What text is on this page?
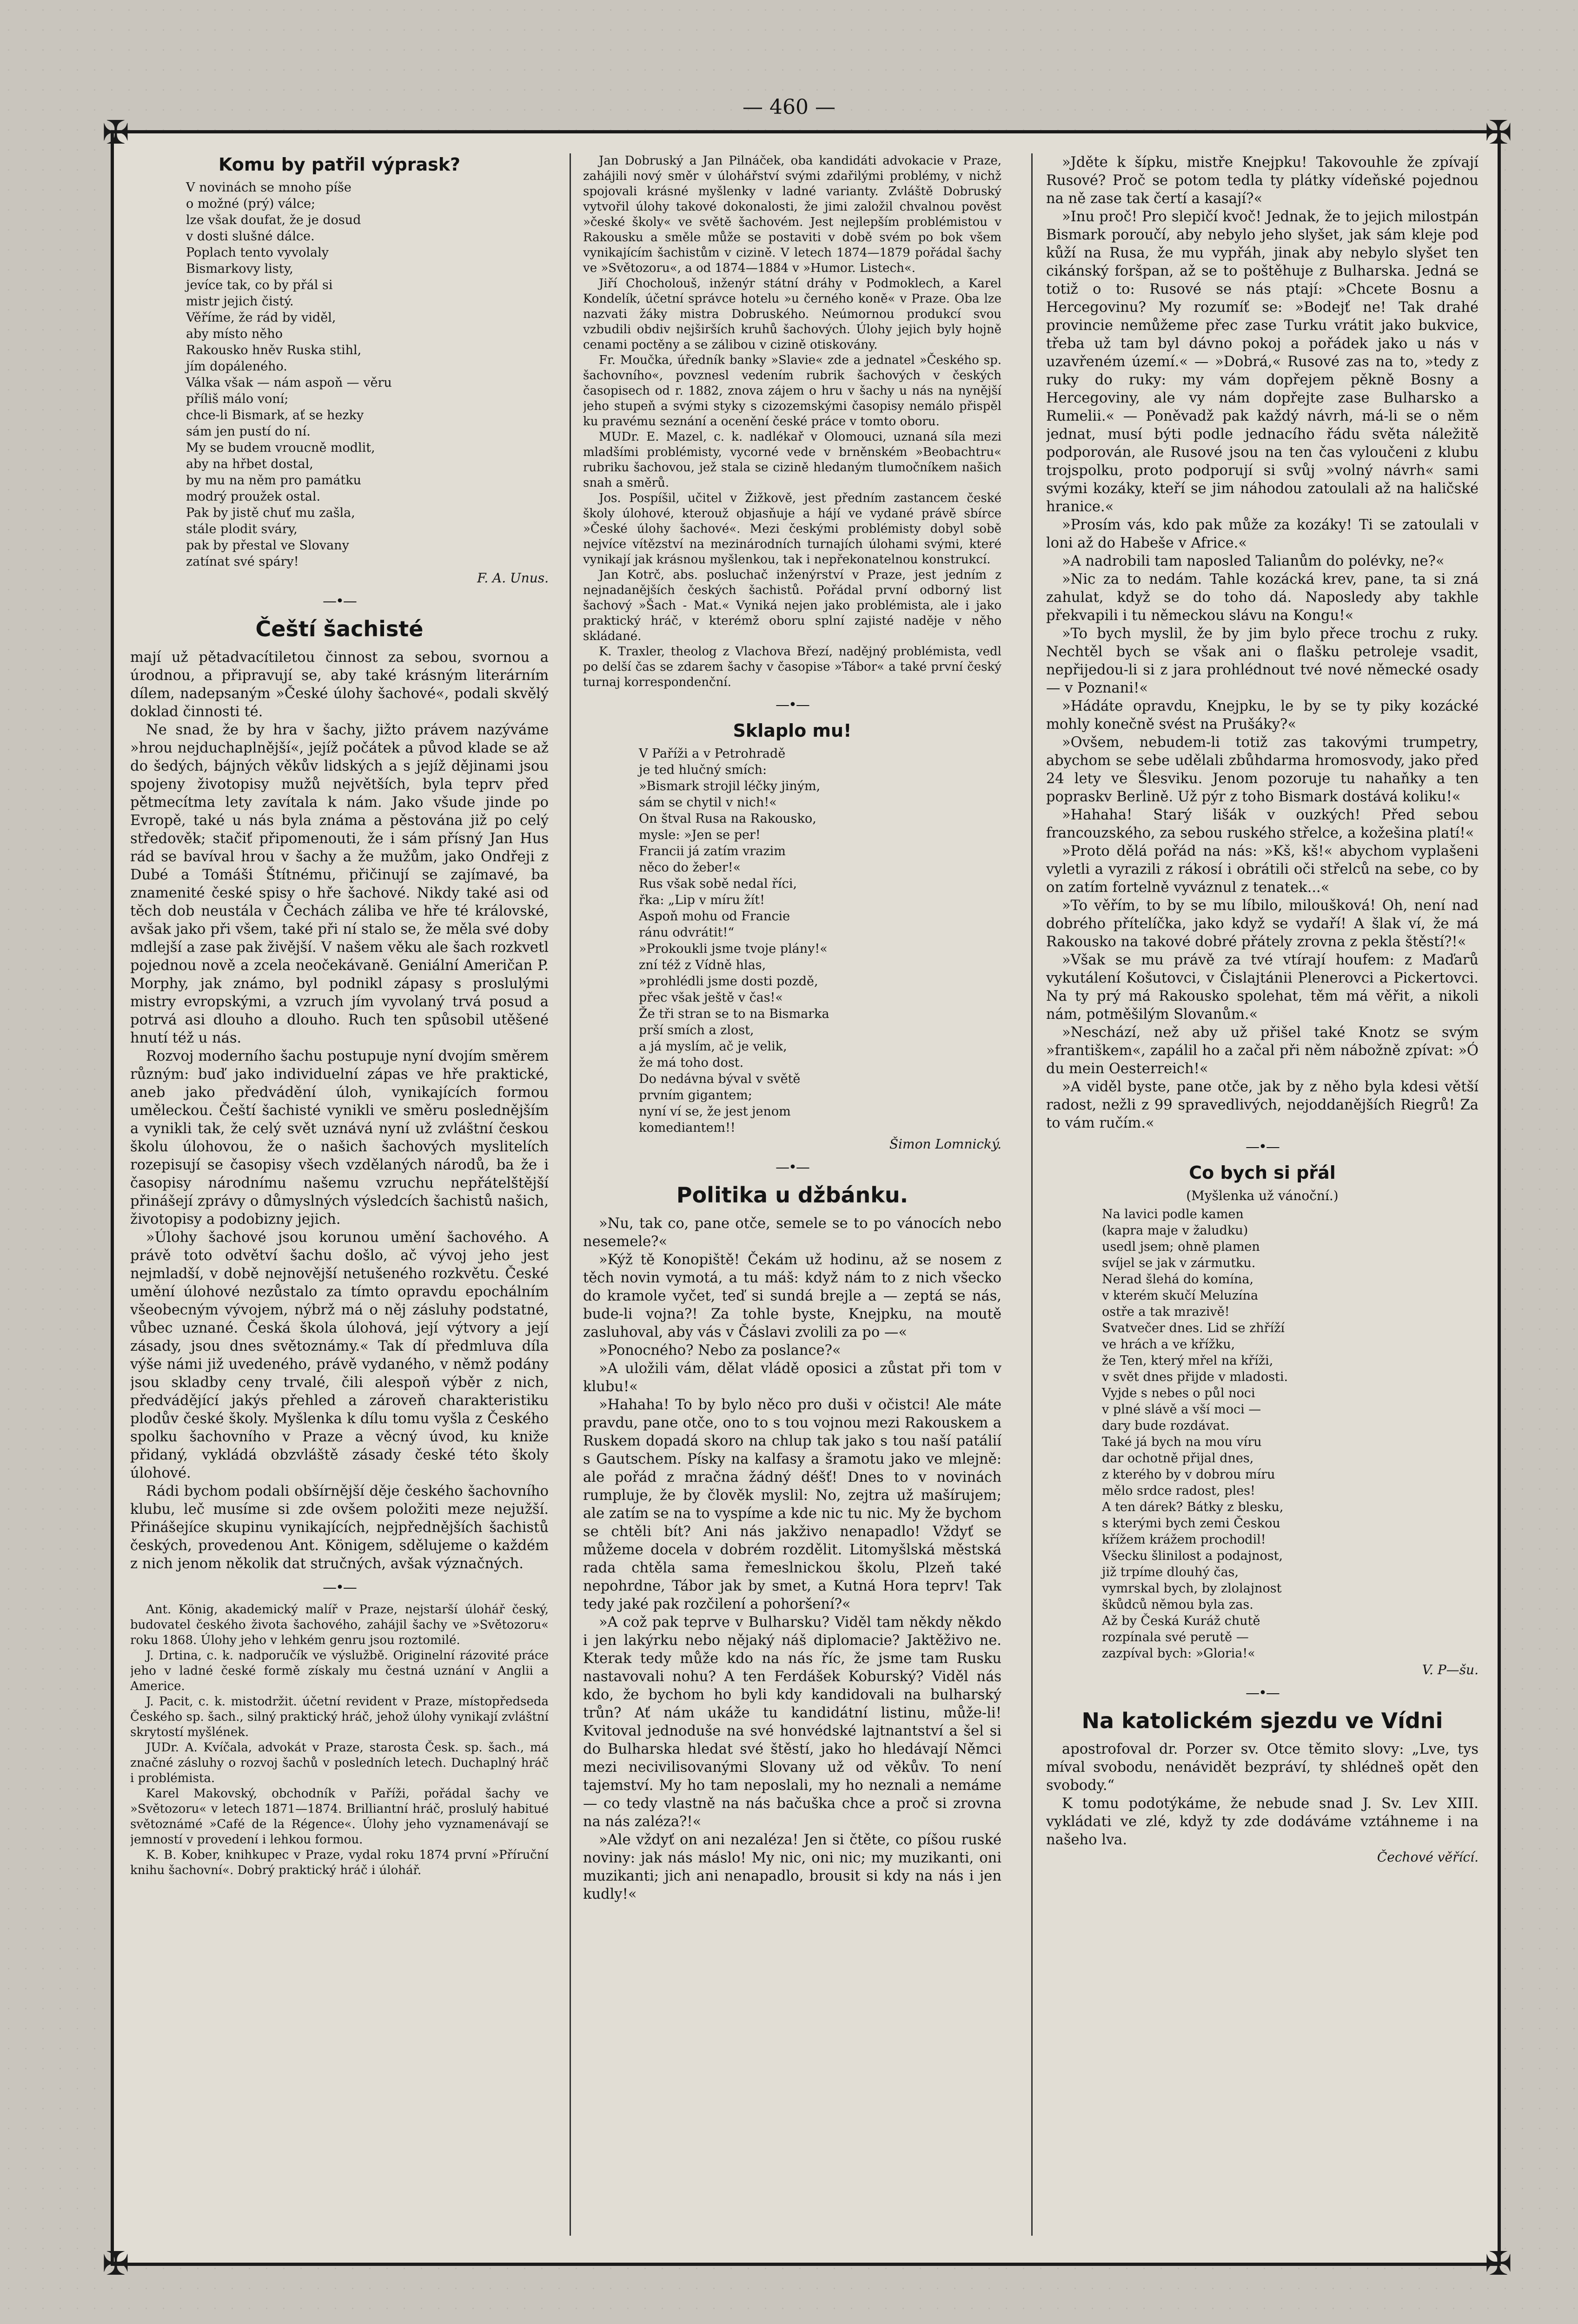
— 460 —
✠	✠
✠	✠
Komu by patřil výprask?
V novinách se mnoho píše
o možné (prý) válce;
lze však doufat, že je dosud
v dosti slušné dálce.
Poplach tento vyvolaly
Bismarkovy listy,
jevíce tak, co by přál si
mistr jejich čistý.
Věříme, že rád by viděl,
aby místo něho
Rakousko hněv Ruska stihl,
jím dopáleného.
Válka však — nám aspoň — věru
příliš málo voní;
chce-li Bismark, ať se hezky
sám jen pustí do ní.
My se budem vroucně modlit,
aby na hřbet dostal,
by mu na něm pro památku
modrý proužek ostal.
Pak by jistě chuť mu zašla,
stále plodit sváry,
pak by přestal ve Slovany
zatínat své spáry!
F. A. Unus.
—•—
Čeští šachisté

mají už pětadvacítiletou činnost za sebou, svornou a úrodnou, a připravují se, aby také krásným literárním dílem, nadepsaným »České úlohy šachové«, podali skvělý doklad činnosti té.

Ne snad, že by hra v šachy, jižto právem nazýváme »hrou nejduchaplnější«, jejíž počátek a původ klade se až do šedých, bájných věkův lidských a s jejíž dějinami jsou spojeny životopisy mužů největších, byla teprv před pětmecítma lety zavítala k nám. Jako všude jinde po Evropě, také u nás byla známa a pěstována již po celý středověk; stačiť připomenouti, že i sám přísný Jan Hus rád se bavíval hrou v šachy a že mužům, jako Ondřeji z Dubé a Tomáši Štítnému, přičinují se zajímavé, ba znamenité české spisy o hře šachové. Nikdy také asi od těch dob neustála v Čechách záliba ve hře té královské, avšak jako při všem, také při ní stalo se, že měla své doby mdlejší a zase pak živější. V našem věku ale šach rozkvetl pojednou nově a zcela neočekávaně. Geniální Američan P. Morphy, jak známo, byl podnikl zápasy s proslulými mistry evropskými, a vzruch jím vyvolaný trvá posud a potrvá asi dlouho a dlouho. Ruch ten spůsobil utěšené hnutí též u nás.

Rozvoj moderního šachu postupuje nyní dvojím směrem různým: buď jako individuelní zápas ve hře praktické, aneb jako předvádění úloh, vynikajících formou uměleckou. Čeští šachisté vynikli ve směru poslednějším a vynikli tak, že celý svět uznává nyní už zvláštní českou školu úlohovou, že o našich šachových myslitelích rozepisují se časopisy všech vzdělaných národů, ba že i časopisy národnímu našemu vzruchu nepřátelštější přinášejí zprávy o důmyslných výsledcích šachistů našich, životopisy a podobizny jejich.

»Úlohy šachové jsou korunou umění šachového. A právě toto odvětví šachu došlo, ač vývoj jeho jest nejmladší, v době nejnovější netušeného rozkvětu. České umění úlohové nezůstalo za tímto opravdu epochálním všeobecným vývojem, nýbrž má o něj zásluhy podstatné, vůbec uznané. Česká škola úlohová, její výtvory a její zásady, jsou dnes světoznámy.« Tak dí předmluva díla výše námi již uvedeného, právě vydaného, v němž podány jsou skladby ceny trvalé, čili alespoň výběr z nich, předvádějící jakýs přehled a zároveň charakteristiku plodův české školy. Myšlenka k dílu tomu vyšla z Českého spolku šachovního v Praze a věcný úvod, ku kniže přidaný, vykládá obzvláště zásady české této školy úlohové.

Rádi bychom podali obšírnější děje českého šachovního klubu, leč musíme si zde ovšem položiti meze nejužší. Přinášejíce skupinu vynikajících, nejpřednějších šachistů českých, provedenou Ant. Königem, sdělujeme o každém z nich jenom několik dat stručných, avšak význačných.

—•—

Ant. König, akademický malíř v Praze, nejstarší úlohář český, budovatel českého života šachového, zahájil šachy ve »Světozoru« roku 1868. Úlohy jeho v lehkém genru jsou roztomilé.

J. Drtina, c. k. nadporučík ve výslužbě. Originelní rázovité práce jeho v ladné české formě získaly mu čestná uznání v Anglii a Americe.

J. Pacit, c. k. mistodržit. účetní revident v Praze, místopředseda Českého sp. šach., silný praktický hráč, jehož úlohy vynikají zvláštní skrytostí myšlének.

JUDr. A. Kvíčala, advokát v Praze, starosta Česk. sp. šach., má značné zásluhy o rozvoj šachů v posledních letech. Duchaplný hráč i problémista.

Karel Makovský, obchodník v Paříži, pořádal šachy ve »Světozoru« v letech 1871—1874. Brilliantní hráč, proslulý habitué světoznámé »Café de la Régence«. Úlohy jeho vyznamenávají se jemností v provedení i lehkou formou.

K. B. Kober, knihkupec v Praze, vydal roku 1874 první »Příruční knihu šachovní«. Dobrý praktický hráč i úlohář.

Jan Dobruský a Jan Pilnáček, oba kandidáti advokacie v Praze, zahájili nový směr v úlohářství svými zdařilými problémy, v nichž spojovali krásné myšlenky v ladné varianty. Zvláště Dobruský vytvořil úlohy takové dokonalosti, že jimi založil chvalnou pověst »české školy« ve světě šachovém. Jest nejlepším problémistou v Rakousku a směle může se postaviti v době svém po bok všem vynikajícím šachistům v cizině. V letech 1874—1879 pořádal šachy ve »Světozoru«, a od 1874—1884 v »Humor. Listech«.

Jiří Chocholouš, inženýr státní dráhy v Podmoklech, a Karel Kondelík, účetní správce hotelu »u černého koně« v Praze. Oba lze nazvati žáky mistra Dobruského. Neúmornou produkcí svou vzbudili obdiv nejširších kruhů šachových. Úlohy jejich byly hojně cenami poctěny a se zálibou v cizině otiskovány.

Fr. Moučka, úředník banky »Slavie« zde a jednatel »Českého sp. šachovního«, povznesl vedením rubrik šachových v českých časopisech od r. 1882, znova zájem o hru v šachy u nás na nynější jeho stupeň a svými styky s cizozemskými časopisy nemálo přispěl ku pravému seznání a ocenění české práce v tomto oboru.

MUDr. E. Mazel, c. k. nadlékař v Olomouci, uznaná síla mezi mladšími problémisty, vycorné vede v brněnském »Beobachtru« rubriku šachovou, jež stala se cizině hledaným tlumočníkem našich snah a směrů.

Jos. Pospíšil, učitel v Žižkově, jest předním zastancem české školy úlohové, kterouž objasňuje a hájí ve vydané právě sbírce »České úlohy šachové«. Mezi českými problémisty dobyl sobě nejvíce vítězství na mezinárodních turnajích úlohami svými, které vynikají jak krásnou myšlenkou, tak i nepřekonatelnou konstrukcí.

Jan Kotrč, abs. posluchač inženýrství v Praze, jest jedním z nejnadanějších českých šachistů. Pořádal první odborný list šachový »Šach - Mat.« Vyniká nejen jako problémista, ale i jako praktický hráč, v kterémž oboru splní zajisté naděje v něho skládané.

K. Traxler, theolog z Vlachova Březí, nadějný problémista, vedl po delší čas se zdarem šachy v časopise »Tábor« a také první český turnaj korrespondenční.

—•—
Sklaplo mu!
V Paříži a v Petrohradě
je ted hlučný smích:
»Bismark strojil léčky jiným,
sám se chytil v nich!«
On štval Rusa na Rakousko,
mysle: »Jen se per!
Francii já zatím vrazim
něco do žeber!«
Rus však sobě nedal říci,
řka: „Lip v míru žít!
Aspoň mohu od Francie
ránu odvrátit!“
»Prokoukli jsme tvoje plány!«
zní též z Vídně hlas,
»prohlédli jsme dosti pozdě,
přec však ještě v čas!«
Že tři stran se to na Bismarka
prší smích a zlost,
a já myslím, ač je velik,
že má toho dost.
Do nedávna býval v světě
prvním gigantem;
nyní ví se, že jest jenom
komediantem!!
Šimon Lomnický.
—•—
Politika u džbánku.

»Nu, tak co, pane otče, semele se to po vánocích nebo nesemele?«

»Kýž tě Konopiště! Čekám už hodinu, až se nosem z těch novin vymotá, a tu máš: když nám to z nich všecko do kramole vyčet, teď si sundá brejle a — zeptá se nás, bude-li vojna?! Za tohle byste, Knejpku, na moutě zasluhoval, aby vás v Čáslavi zvolili za po —«

»Ponocného? Nebo za poslance?«

»A uložili vám, dělat vládě oposici a zůstat při tom v klubu!«

»Hahaha! To by bylo něco pro duši v očistci! Ale máte pravdu, pane otče, ono to s tou vojnou mezi Rakouskem a Ruskem dopadá skoro na chlup tak jako s tou naší patálií s Gautschem. Písky na kalfasy a šramotu jako ve mlejně: ale pořád z mračna žádný déšť! Dnes to v novinách rumpluje, že by člověk myslil: No, zejtra už mašírujem; ale zatím se na to vyspíme a kde nic tu nic. My že bychom se chtěli bít? Ani nás jakživo nenapadlo! Vždyť se můžeme docela v dobrém rozdělit. Litomyšlská městská rada chtěla sama řemeslnickou školu, Plzeň také nepohrdne, Tábor jak by smet, a Kutná Hora teprv! Tak tedy jaké pak rozčilení a pohoršení?«

»A což pak teprve v Bulharsku? Viděl tam někdy někdo i jen lakýrku nebo nějaký náš diplomacie? Jaktěživo ne. Kterak tedy může kdo na nás říc, že jsme tam Rusku nastavovali nohu? A ten Ferdášek Koburský? Viděl nás kdo, že bychom ho byli kdy kandidovali na bulharský trůn? Ať nám ukáže tu kandidátní listinu, může-li! Kvitoval jednoduše na své honvédské lajtnantství a šel si do Bulharska hledat své štěstí, jako ho hledávají Němci mezi necivilisovanými Slovany už od věkův. To není tajemství. My ho tam neposlali, my ho neznali a nemáme — co tedy vlastně na nás bačuška chce a proč si zrovna na nás zaléza?!«

»Ale vždyť on ani nezaléza! Jen si čtěte, co píšou ruské noviny: jak nás máslo! My nic, oni nic; my muzikanti, oni muzikanti; jich ani nenapadlo, brousit si kdy na nás i jen kudly!«

»Jděte k šípku, mistře Knejpku! Takovouhle že zpívají Rusové? Proč se potom tedla ty plátky vídeňské pojednou na ně zase tak čertí a kasají?«

»Inu proč! Pro slepičí kvoč! Jednak, že to jejich milostpán Bismark poroučí, aby nebylo jeho slyšet, jak sám kleje pod kůží na Rusa, že mu vypřáh, jinak aby nebylo slyšet ten cikánský foršpan, až se to poštěhuje z Bulharska. Jedná se totiž o to: Rusové se nás ptají: »Chcete Bosnu a Hercegovinu? My rozumíť se: »Bodejť ne! Tak drahé provincie nemůžeme přec zase Turku vrátit jako bukvice, třeba už tam byl dávno pokoj a pořádek jako u nás v uzavřeném území.« — »Dobrá,« Rusové zas na to, »tedy z ruky do ruky: my vám dopřejem pěkně Bosny a Hercegoviny, ale vy nám dopřejte zase Bulharsko a Rumelii.« — Poněvadž pak každý návrh, má-li se o něm jednat, musí býti podle jednacího řádu světa náležitě podporován, ale Rusové jsou na ten čas vyloučeni z klubu trojspolku, proto podporují si svůj »volný návrh« sami svými kozáky, kteří se jim náhodou zatoulali až na haličské hranice.«

»Prosím vás, kdo pak může za kozáky! Ti se zatoulali v loni až do Habeše v Africe.«

»A nadrobili tam naposled Talianům do polévky, ne?«

»Nic za to nedám. Tahle kozácká krev, pane, ta si zná zahulat, když se do toho dá. Naposledy aby takhle překvapili i tu německou slávu na Kongu!«

»To bych myslil, že by jim bylo přece trochu z ruky. Nechtěl bych se však ani o flašku petroleje vsadit, nepřijedou-li si z jara prohlédnout tvé nové německé osady — v Poznani!«

»Hádáte opravdu, Knejpku, le by se ty piky kozácké mohly konečně svést na Prušáky?«

»Ovšem, nebudem-li totiž zas takovými trumpetry, abychom se sebe udělali zbůhdarma hromosvody, jako před 24 lety ve Šlesviku. Jenom pozoruje tu nahaňky a ten popraskv Berlině. Už pýr z toho Bismark dostává koliku!«

»Hahaha! Starý lišák v ouzkých! Před sebou francouzského, za sebou ruského střelce, a kožešina platí!«

»Proto dělá pořád na nás: »Kš, kš!« abychom vyplašeni vyletli a vyrazili z rákosí i obrátili oči střelců na sebe, co by on zatím fortelně vyváznul z tenatek...«

»To věřím, to by se mu líbilo, miloušková! Oh, není nad dobrého přítelíčka, jako když se vydaří! A šlak ví, že má Rakousko na takové dobré přátely zrovna z pekla štěstí?!«

»Však se mu právě za tvé vtírají houfem: z Maďarů vykutálení Košutovci, v Čislajtánii Plenerovci a Pickertovci. Na ty prý má Rakousko spolehat, těm má věřit, a nikoli nám, potměšilým Slovanům.«

»Neschází, než aby už přišel také Knotz se svým »františkem«, zapálil ho a začal při něm nábožně zpívat: »Ó du mein Oesterreich!«

»A viděl byste, pane otče, jak by z něho byla kdesi větší radost, nežli z 99 spravedlivých, nejoddanějších Riegrů! Za to vám ručím.«

—•—
Co bych si přál
(Myšlenka už vánoční.)
Na lavici podle kamen
(kapra maje v žaludku)
usedl jsem; ohně plamen
svíjel se jak v zármutku.
Nerad šlehá do komína,
v kterém skučí Meluzína
ostře a tak mrazivě!
Svatvečer dnes. Lid se zhříží
ve hrách a ve křížku,
že Ten, který mřel na kříži,
v svět dnes přijde v mladosti.
Vyjde s nebes o půl noci
v plné slávě a vší moci —
dary bude rozdávat.
Také já bych na mou víru
dar ochotně přijal dnes,
z kterého by v dobrou míru
mělo srdce radost, ples!
A ten dárek? Bátky z blesku,
s kterými bych zemi Českou
křížem krážem prochodil!
Všecku šlinilost a podajnost,
již trpíme dlouhý čas,
vymrskal bych, by zlolajnost
škůdců němou byla zas.
Až by Česká Kuráž chutě
rozpínala své perutě —
zazpíval bych: »Gloria!«
V. P—šu.
—•—
Na katolickém sjezdu ve Vídni

apostrofoval dr. Porzer sv. Otce těmito slovy: „Lve, tys míval svobodu, nenávidět bezpráví, ty shlédneš opět den svobody.“

K tomu podotýkáme, že nebude snad J. Sv. Lev XIII. vykládati ve zlé, když ty zde dodáváme vztáhneme i na našeho lva.

Čechové věřící.
